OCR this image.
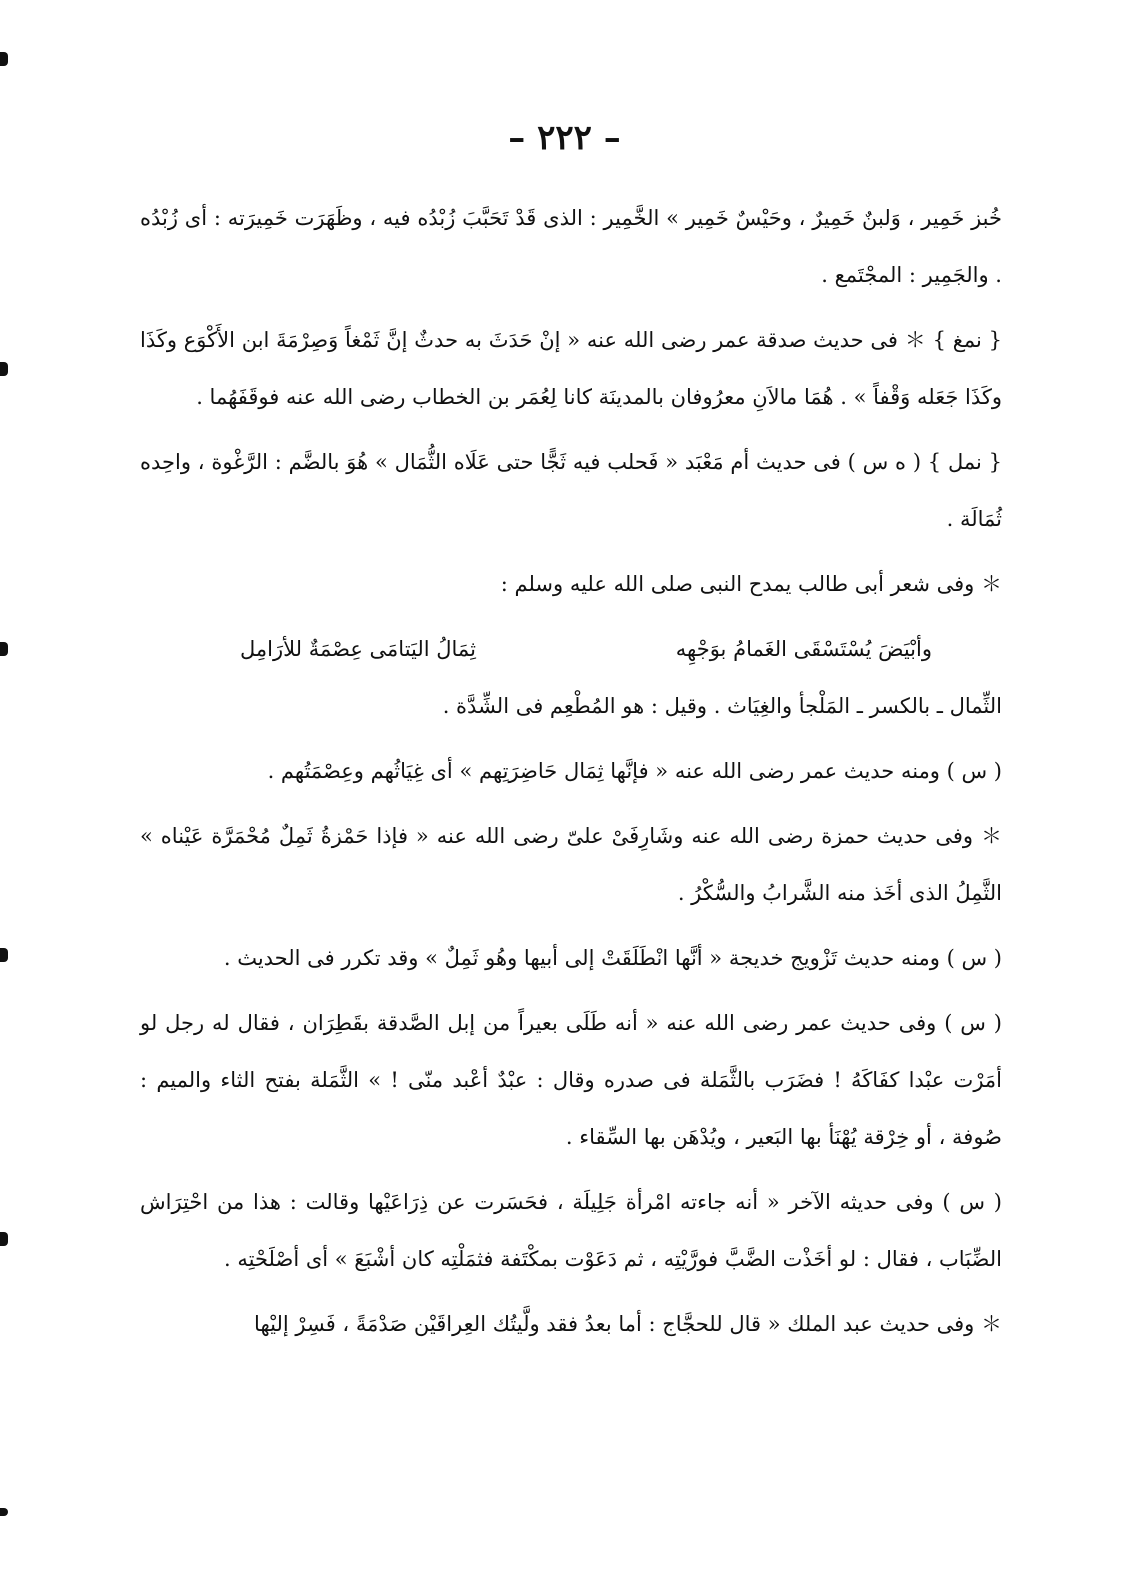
– ٢٢٢ –

خُبز خَمِير ، وَلبنٌ خَمِيرٌ ، وحَيْسٌ خَمِير » الخَّمِير : الذى قَدْ تَحَبَّبَ زُبْدُه فيه ، وظَهَرَت خَمِيرَته : أى زُبْدُه . والجَمِير : المجْتَمع .

{ نمغ } ＊ فى حديث صدقة عمر رضى الله عنه « إنْ حَدَثَ به حدثٌ إنَّ ثَمْغاً وَصِرْمَةَ ابن الأَكْوَع وكَذَا وكَذَا جَعَله وَقْفاً » . هُمَا مالاَنِ معرُوفان بالمدينَة كانا لِعُمَر بن الخطاب رضى الله عنه فوقَفَهُما .

{ نمل } ( ه س ) فى حديث أم مَعْبَد « فَحلب فيه ثَجًّا حتى عَلَاه الثُّمَال » هُوَ بالضَّم : الرَّغْوة ، واحِده ثُمَالَة .

＊ وفى شعر أبى طالب يمدح النبى صلى الله عليه وسلم :

وأبْيَضَ يُسْتَسْقَى الغَمامُ بوَجْهِه
ثِمَالُ اليَتامَى عِصْمَةٌ للأرَامِل

الثِّمال ـ بالكسر ـ المَلْجأ والغِيَاث . وقيل : هو المُطْعِم فى الشِّدَّة .

( س ) ومنه حديث عمر رضى الله عنه « فإنَّها ثِمَال حَاضِرَتِهم » أى غِيَاثُهم وعِصْمَتُهم .

＊ وفى حديث حمزة رضى الله عنه وشَارِفَىْ علىّ رضى الله عنه « فإذا حَمْزةُ ثَمِلٌ مُحْمَرَّة عَيْناه » الثَّمِلُ الذى أخَذ منه الشَّرابُ والسُّكْرُ .

( س ) ومنه حديث تَزْويج خديجة « أنَّها انْطَلَقَتْ إلى أبيها وهُو ثَمِلٌ » وقد تكرر فى الحديث .

( س ) وفى حديث عمر رضى الله عنه « أنه طَلَى بعيراً من إبل الصَّدقة بقَطِرَان ، فقال له رجل لو أمَرْت عبْدا كفَاكَهُ ! فضَرَب بالثَّمَلة فى صدره وقال : عبْدٌ أعْبد منّى ! » الثَّمَلة بفتح الثاء والميم : صُوفة ، أو خِرْقة يُهْنَأ بها البَعير ، ويُدْهَن بها السِّقاء .

( س ) وفى حديثه الآخر « أنه جاءته امْرأة جَلِيلَة ، فحَسَرت عن ذِرَاعَيْها وقالت : هذا من احْتِرَاش الضِّبَاب ، فقال : لو أخَذْت الضَّبَّ فورَّيْتِه ، ثم دَعَوْت بمكْتَفة فثمَلْتِه كان أشْبَعَ » أى أصْلَحْتِه .

＊ وفى حديث عبد الملك « قال للحجَّاج : أما بعدُ فقد ولَّيتُك العِراقَيْن صَدْمَةً ، فَسِرْ إليْها
